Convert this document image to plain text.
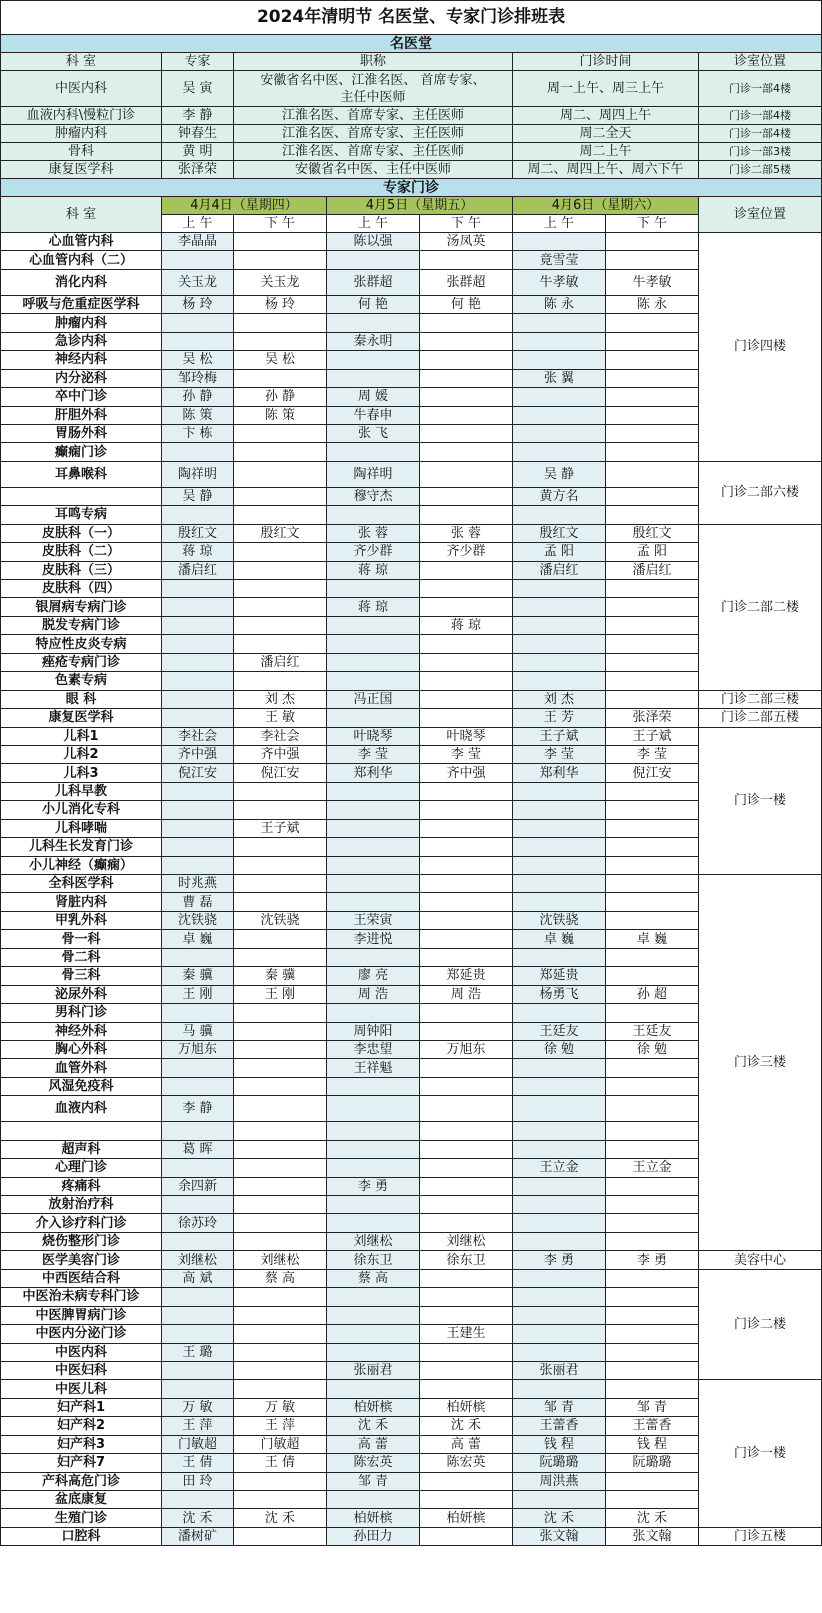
2024年清明节 名医堂、专家门诊排班表							
名医堂							
科 室	专家	职称			门诊时间		诊室位置
中医内科	吴 寅	安徽省名中医、江淮名医、 首席专家、
主任中医师			周一上午、周三上午		门诊一部4楼
血液内科\慢粒门诊	李 静	江淮名医、首席专家、主任医师			周二、周四上午		门诊一部4楼
肿瘤内科	钟春生	江淮名医、首席专家、主任医师			周二全天		门诊一部4楼
骨科	黄 明	江淮名医、首席专家、主任医师			周二上午		门诊一部3楼
康复医学科	张泽荣	安徽省名中医、主任中医师			周二、周四上午、周六下午		门诊二部5楼
专家门诊							
科 室	4月4日（星期四）		4月5日（星期五）		4月6日（星期六）		诊室位置
	上 午	下 午	上 午	下 午	上 午	下 午	
心血管内科	李晶晶		陈以强	汤凤英			门诊四楼
心血管内科（二）					竟雪莹		
消化内科	关玉龙	关玉龙	张群超	张群超	牛孝敏	牛孝敏	
呼吸与危重症医学科	杨 玲	杨 玲	何 艳	何 艳	陈 永	陈 永	
肿瘤内科							
急诊内科			秦永明				
神经内科	吴 松	吴 松					
内分泌科	邹玲梅				张 翼		
卒中门诊	孙 静	孙 静	周 媛				
肝胆外科	陈 策	陈 策	牛春申				
胃肠外科	卞 栋		张 飞				
癫痫门诊							
耳鼻喉科	陶祥明		陶祥明		吴 静		门诊二部六楼
	吴 静		穆守杰		黄方名		
耳鸣专病							
皮肤科（一）	殷红文	殷红文	张 蓉	张 蓉	殷红文	殷红文	门诊二部二楼
皮肤科（二）	蒋 琼		齐少群	齐少群	孟 阳	孟 阳	
皮肤科（三）	潘启红		蒋 琼		潘启红	潘启红	
皮肤科（四）							
银屑病专病门诊			蒋 琼				
脱发专病门诊				蒋 琼			
特应性皮炎专病							
痤疮专病门诊		潘启红					
色素专病							
眼 科		刘 杰	冯正国		刘 杰		门诊二部三楼
康复医学科		王 敏			王 芳	张泽荣	门诊二部五楼
儿科1	李社会	李社会	叶晓琴	叶晓琴	王子斌	王子斌	门诊一楼
儿科2	齐中强	齐中强	李 莹	李 莹	李 莹	李 莹	
儿科3	倪江安	倪江安	郑利华	齐中强	郑利华	倪江安	
儿科早教							
小儿消化专科							
儿科哮喘		王子斌					
儿科生长发育门诊							
小儿神经（癫痫）							
全科医学科	时兆燕						门诊三楼
肾脏内科	曹 磊						
甲乳外科	沈铁骁	沈铁骁	王荣寅		沈铁骁		
骨一科	卓 巍		李进悦		卓 巍	卓 巍	
骨二科							
骨三科	秦 骥	秦 骥	廖 亮	郑延贵	郑延贵		
泌尿外科	王 刚	王 刚	周 浩	周 浩	杨勇飞	孙 超	
男科门诊							
神经外科	马 骥		周钟阳		王廷友	王廷友	
胸心外科	万旭东		李忠望	万旭东	徐 勉	徐 勉	
血管外科			王祥魁				
风湿免疫科							
血液内科	李 静						

超声科	葛 晖						
心理门诊					王立金	王立金	
疼痛科	余四新		李 勇				
放射治疗科							
介入诊疗科门诊	徐苏玲						
烧伤整形门诊			刘继松	刘继松			
医学美容门诊	刘继松	刘继松	徐东卫	徐东卫	李 勇	李 勇	美容中心
中西医结合科	高 斌	蔡 高	蔡 高				门诊二楼
中医治未病专科门诊							
中医脾胃病门诊							
中医内分泌门诊				王建生			
中医内科	王 璐						
中医妇科			张丽君		张丽君		
中医儿科							门诊一楼
妇产科1	万 敏	万 敏	柏妍槟	柏妍槟	邹 青	邹 青	
妇产科2	王 萍	王 萍	沈 禾	沈 禾	王蕾香	王蕾香	
妇产科3	门敏超	门敏超	高 蕾	高 蕾	钱 程	钱 程	
妇产科7	王 倩	王 倩	陈宏英	陈宏英	阮璐璐	阮璐璐	
产科高危门诊	田 玲		邹 青		周洪燕		
盆底康复							
生殖门诊	沈 禾	沈 禾	柏妍槟	柏妍槟	沈 禾	沈 禾	
口腔科	潘树矿		孙田力		张文翰	张文翰	门诊五楼
